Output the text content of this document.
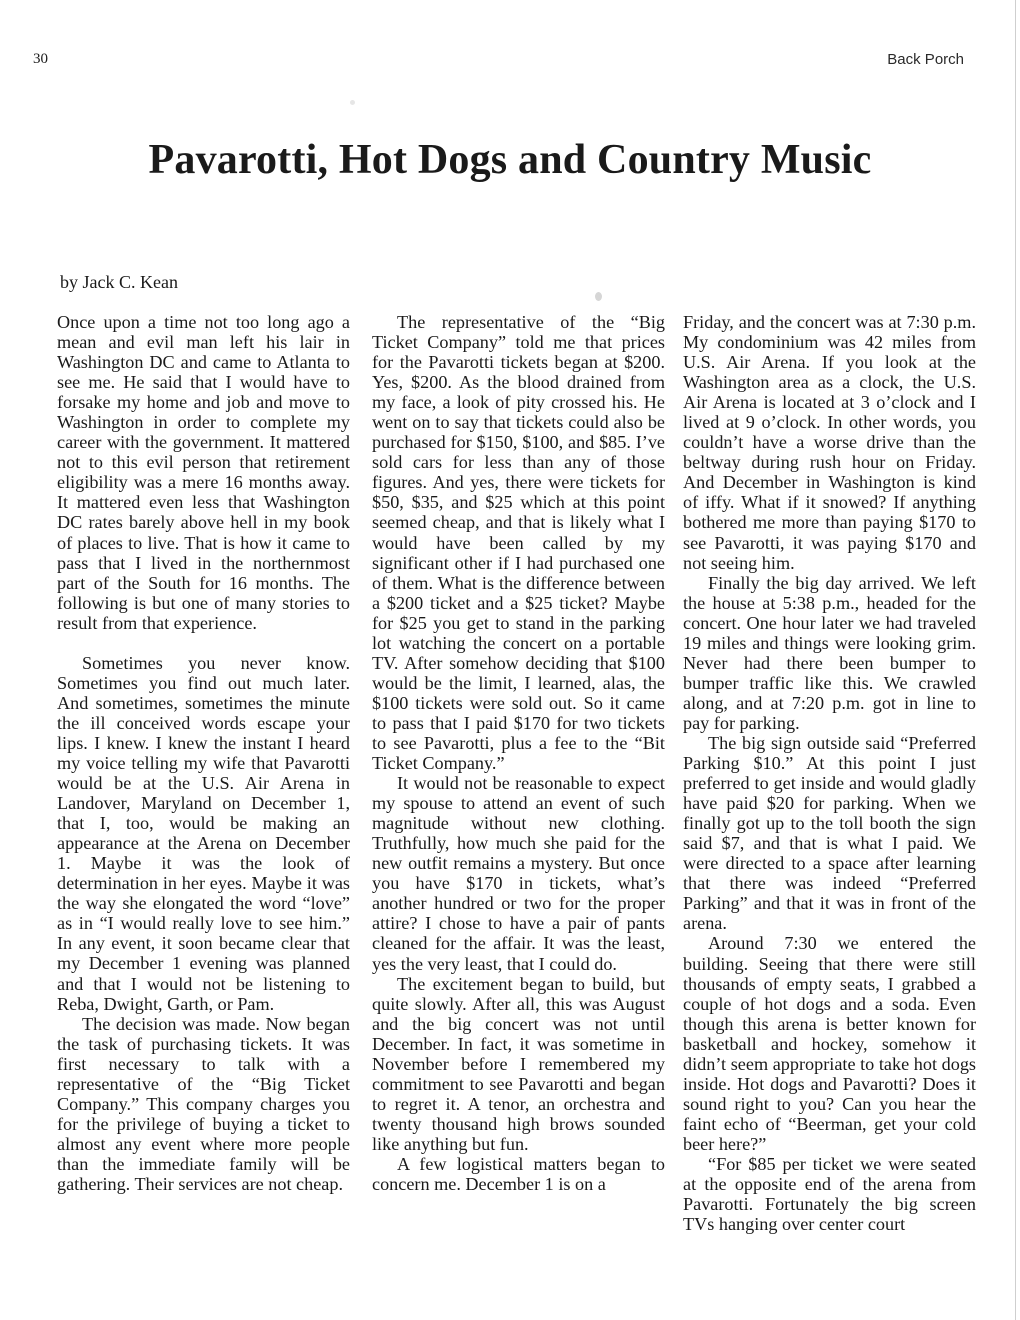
30	Back Porch
Pavarotti, Hot Dogs and Country Music
by Jack C. Kean

Once upon a time not too long ago a mean and evil man left his lair in Washington DC and came to Atlanta to see me. He said that I would have to forsake my home and job and move to Washington in order to complete my career with the government. It mattered not to this evil person that retirement eligibility was a mere 16 months away. It mattered even less that Washington DC rates barely above hell in my book of places to live. That is how it came to pass that I lived in the northernmost part of the South for 16 months. The following is but one of many stories to result from that experience.

Sometimes you never know. Sometimes you find out much later. And sometimes, sometimes the minute the ill conceived words escape your lips. I knew. I knew the instant I heard my voice telling my wife that Pavarotti would be at the U.S. Air Arena in Landover, Maryland on December 1, that I, too, would be making an appearance at the Arena on December 1. Maybe it was the look of determination in her eyes. Maybe it was the way she elongated the word “love” as in “I would really love to see him.” In any event, it soon became clear that my December 1 evening was planned and that I would not be listening to Reba, Dwight, Garth, or Pam.

The decision was made. Now began the task of purchasing tickets. It was first necessary to talk with a representative of the “Big Ticket Company.” This company charges you for the privilege of buying a ticket to almost any event where more people than the immediate family will be gathering. Their services are not cheap.

The representative of the “Big Ticket Company” told me that prices for the Pavarotti tickets began at $200. Yes, $200. As the blood drained from my face, a look of pity crossed his. He went on to say that tickets could also be purchased for $150, $100, and $85. I’ve sold cars for less than any of those figures. And yes, there were tickets for $50, $35, and $25 which at this point seemed cheap, and that is likely what I would have been called by my significant other if I had purchased one of them. What is the difference between a $200 ticket and a $25 ticket? Maybe for $25 you get to stand in the parking lot watching the concert on a portable TV. After somehow deciding that $100 would be the limit, I learned, alas, the $100 tickets were sold out. So it came to pass that I paid $170 for two tickets to see Pavarotti, plus a fee to the “Bit Ticket Company.”

It would not be reasonable to expect my spouse to attend an event of such magnitude without new clothing. Truthfully, how much she paid for the new outfit remains a mystery. But once you have $170 in tickets, what’s another hundred or two for the proper attire? I chose to have a pair of pants cleaned for the affair. It was the least, yes the very least, that I could do.

The excitement began to build, but quite slowly. After all, this was August and the big concert was not until December. In fact, it was sometime in November before I remembered my commitment to see Pavarotti and began to regret it. A tenor, an orchestra and twenty thousand high brows sounded like anything but fun.

A few logistical matters began to concern me. December 1 is on a

Friday, and the concert was at 7:30 p.m. My condominium was 42 miles from U.S. Air Arena. If you look at the Washington area as a clock, the U.S. Air Arena is located at 3 o’clock and I lived at 9 o’clock. In other words, you couldn’t have a worse drive than the beltway during rush hour on Friday. And December in Washington is kind of iffy. What if it snowed? If anything bothered me more than paying $170 to see Pavarotti, it was paying $170 and not seeing him.

Finally the big day arrived. We left the house at 5:38 p.m., headed for the concert. One hour later we had traveled 19 miles and things were looking grim. Never had there been bumper to bumper traffic like this. We crawled along, and at 7:20 p.m. got in line to pay for parking.

The big sign outside said “Preferred Parking $10.” At this point I just preferred to get inside and would gladly have paid $20 for parking. When we finally got up to the toll booth the sign said $7, and that is what I paid. We were directed to a space after learning that there was indeed “Preferred Parking” and that it was in front of the arena.

Around 7:30 we entered the building. Seeing that there were still thousands of empty seats, I grabbed a couple of hot dogs and a soda. Even though this arena is better known for basketball and hockey, somehow it didn’t seem appropriate to take hot dogs inside. Hot dogs and Pavarotti? Does it sound right to you? Can you hear the faint echo of “Beerman, get your cold beer here?”

“For $85 per ticket we were seated at the opposite end of the arena from Pavarotti. Fortunately the big screen TVs hanging over center court
